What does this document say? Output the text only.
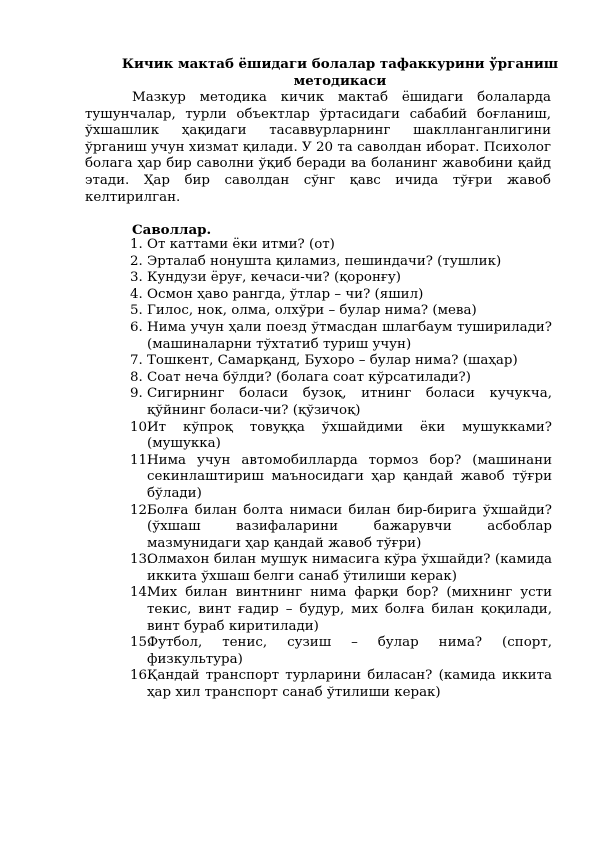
Кичик мактаб ёшидаги болалар тафаккурини ўрганиш методикаси

Мазкур методика кичик мактаб ёшидаги болаларда тушунчалар, турли объектлар ўртасидаги сабабий боғланиш, ўхшашлик ҳақидаги тасаввурларнинг шаклланганлигини ўрганиш учун хизмат қилади. У 20 та саволдан иборат. Психолог болага ҳар бир саволни ўқиб беради ва боланинг жавобини қайд этади. Ҳар бир саволдан сўнг қавс ичида тўғри жавоб келтирилган.

Саволлар.
1. От каттами ёки итми? (от)
2. Эрталаб нонушта қиламиз, пешиндачи? (тушлик)
3. Кундузи ёруғ, кечаси-чи? (қоронғу)
4. Осмон ҳаво рангда, ўтлар – чи? (яшил)
5. Гилос, нок, олма, олхўри – булар нима? (мева)
6. Нима учун ҳали поезд ўтмасдан шлагбаум туширилади? (машиналарни тўхтатиб туриш учун)
7. Тошкент, Самарқанд, Бухоро – булар нима? (шаҳар)
8. Соат неча бўлди? (болага соат кўрсатилади?)
9. Сигирнинг боласи бузоқ, итнинг боласи кучукча, қўйнинг боласи-чи? (қўзичоқ)
10.
Ит кўпроқ товуққа ўхшайдими ёки мушукками? (мушукка)
11.
Нима учун автомобилларда тормоз бор? (машинани секинлаштириш маъносидаги ҳар қандай жавоб тўғри бўлади)
12.
Болға билан болта нимаси билан бир-бирига ўхшайди? (ўхшаш вазифаларини бажарувчи асбоблар мазмунидаги ҳар қандай жавоб тўғри)
13.
Олмахон билан мушук нимасига кўра ўхшайди? (камида иккита ўхшаш белги санаб ўтилиши керак)
14.
Мих билан винтнинг нима фарқи бор? (михнинг усти текис, винт ғадир – будур, мих болға билан қоқилади, винт бураб киритилади)
15.
Футбол, тенис, сузиш – булар нима? (спорт, физкультура)
16.
Қандай транспорт турларини биласан? (камида иккита ҳар хил транспорт санаб ўтилиши керак)
